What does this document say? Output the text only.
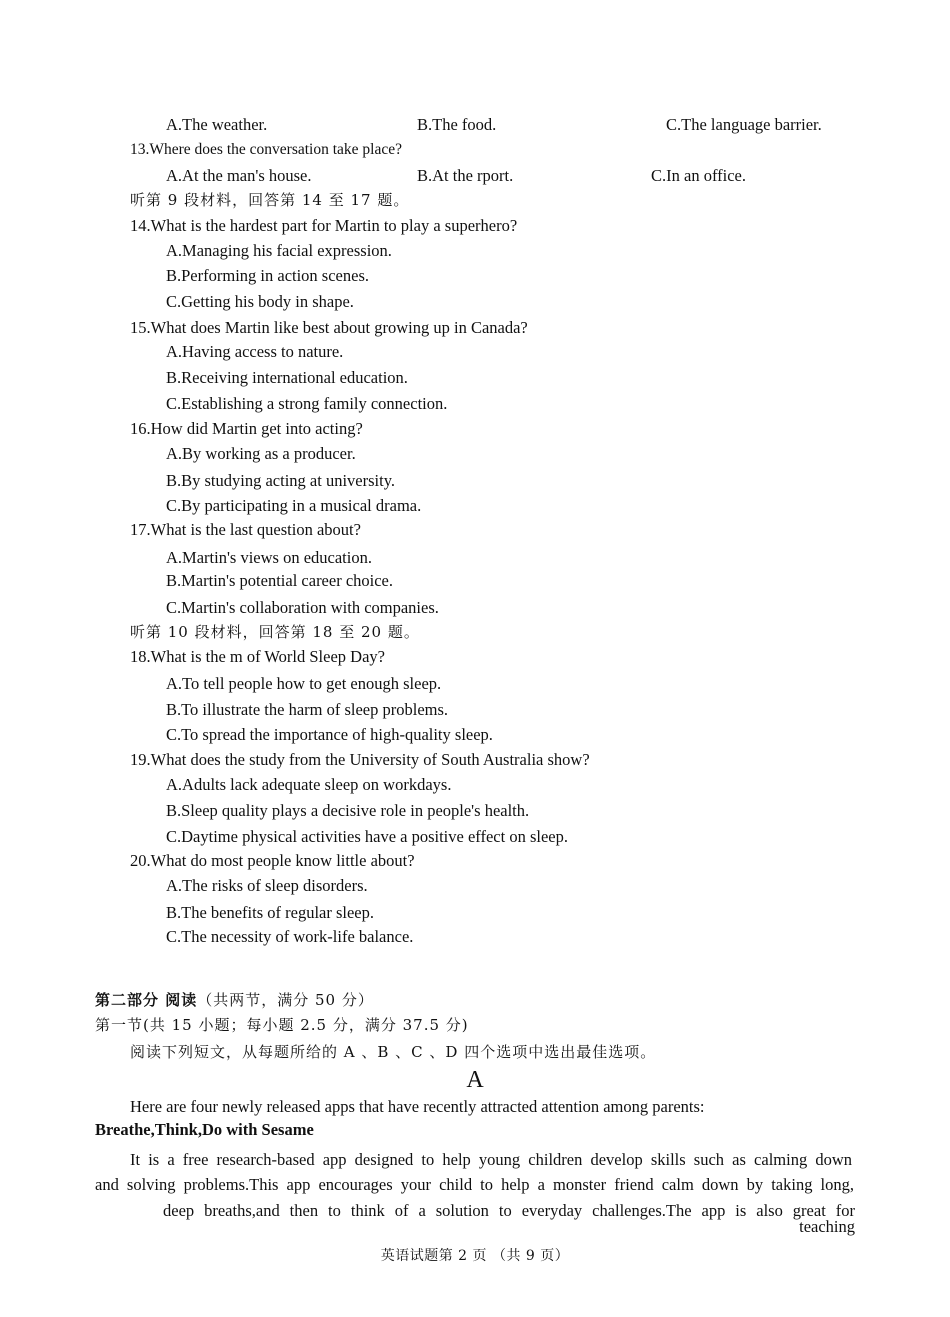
A.The weather.	B.The food.	C.The language barrier.
13.Where does the conversation take place?
A.At the man's house.	B.At the rport.	C.In an office.
听第 9 段材料，回答第 14 至 17 题。
14.What is the hardest part for Martin to play a superhero?
A.Managing his facial expression.
B.Performing in action scenes.
C.Getting his body in shape.
15.What does Martin like best about growing up in Canada?
A.Having access to nature.
B.Receiving international education.
C.Establishing a strong family connection.
16.How did Martin get into acting?
A.By working as a producer.
B.By studying acting at university.
C.By participating in a musical drama.
17.What is the last question about?
A.Martin's views on education.
B.Martin's potential career choice.
C.Martin's collaboration with companies.
听第 10 段材料，回答第 18 至 20 题。
18.What is the m of World Sleep Day?
A.To tell people how to get enough sleep.
B.To illustrate the harm of sleep problems.
C.To spread the importance of high-quality sleep.
19.What does the study from the University of South Australia show?
A.Adults lack adequate sleep on workdays.
B.Sleep quality plays a decisive role in people's health.
C.Daytime physical activities have a positive effect on sleep.
20.What do most people know little about?
A.The risks of sleep disorders.
B.The benefits of regular sleep.
C.The necessity of work-life balance.
第二部分 阅读（共两节，满分 50 分）
第一节(共 15 小题；每小题 2.5 分，满分 37.5 分)
阅读下列短文，从每题所给的 A 、B 、C 、D 四个选项中选出最佳选项。
A
Here are four newly released apps that have recently attracted attention among parents:
Breathe,Think,Do with Sesame
It is a free research-based app designed to help young children develop skills such as calming down
and solving problems.This app encourages your child to help a monster friend calm down by taking long,
deep breaths,and then to think of a solution to everyday challenges.The app is also great for
teaching
英语试题第 2 页 （共 9 页）
